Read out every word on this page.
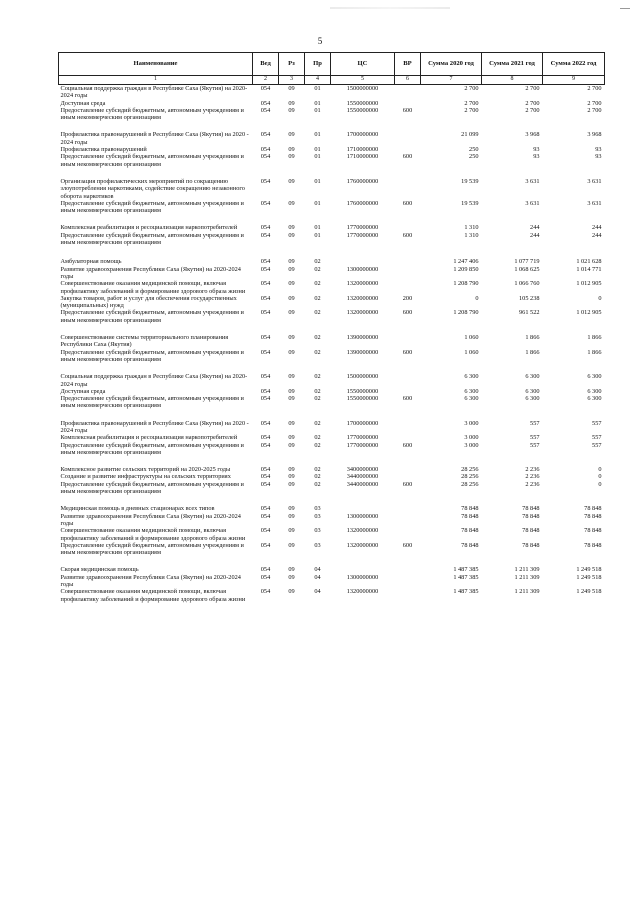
5
Наименование	Вед	Рз	Пр	ЦС	ВР	Сумма 2020 год	Сумма 2021 год	Сумма 2022 год
1	2	3	4	5	6	7	8	9
Социальная поддержка граждан в Республике Саха (Якутия) на 2020-2024 годы	054	09	01	1500000000		2 700	2 700	2 700
Доступная среда	054	09	01	1550000000		2 700	2 700	2 700
Предоставление субсидий бюджетным, автономным учреждениям и иным некоммерческим организациям	054	09	01	1550000000	600	2 700	2 700	2 700

Профилактика правонарушений в Республике Саха (Якутия) на 2020 - 2024 годы	054	09	01	1700000000		21 099	3 968	3 968
Профилактика правонарушений	054	09	01	1710000000		250	93	93
Предоставление субсидий бюджетным, автономным учреждениям и иным некоммерческим организациям	054	09	01	1710000000	600	250	93	93

Организация профилактических мероприятий по сокращению злоупотребления наркотиками, содействие сокращению незаконного оборота наркотиков	054	09	01	1760000000		19 539	3 631	3 631
Предоставление субсидий бюджетным, автономным учреждениям и иным некоммерческим организациям	054	09	01	1760000000	600	19 539	3 631	3 631

Комплексная реабилитация и ресоциализация наркопотребителей	054	09	01	1770000000		1 310	244	244
Предоставление субсидий бюджетным, автономным учреждениям и иным некоммерческим организациям	054	09	01	1770000000	600	1 310	244	244

Амбулаторная помощь	054	09	02			1 247 406	1 077 719	1 021 628
Развитие здравоохранения Республики Саха (Якутия) на 2020-2024 годы	054	09	02	1300000000		1 209 850	1 068 625	1 014 771
Совершенствование оказания медицинской помощи, включая профилактику заболеваний и формирование здорового образа жизни	054	09	02	1320000000		1 208 790	1 066 760	1 012 905
Закупка товаров, работ и услуг для обеспечения государственных (муниципальных) нужд	054	09	02	1320000000	200	0	105 238	0
Предоставление субсидий бюджетным, автономным учреждениям и иным некоммерческим организациям	054	09	02	1320000000	600	1 208 790	961 522	1 012 905

Совершенствование системы территориального планирования Республики Саха (Якутия)	054	09	02	1390000000		1 060	1 866	1 866
Предоставление субсидий бюджетным, автономным учреждениям и иным некоммерческим организациям	054	09	02	1390000000	600	1 060	1 866	1 866

Социальная поддержка граждан в Республике Саха (Якутия) на 2020-2024 годы	054	09	02	1500000000		6 300	6 300	6 300
Доступная среда	054	09	02	1550000000		6 300	6 300	6 300
Предоставление субсидий бюджетным, автономным учреждениям и иным некоммерческим организациям	054	09	02	1550000000	600	6 300	6 300	6 300

Профилактика правонарушений в Республике Саха (Якутия) на 2020 - 2024 годы	054	09	02	1700000000		3 000	557	557
Комплексная реабилитация и ресоциализация наркопотребителей	054	09	02	1770000000		3 000	557	557
Предоставление субсидий бюджетным, автономным учреждениям и иным некоммерческим организациям	054	09	02	1770000000	600	3 000	557	557

Комплексное развитие сельских территорий на 2020-2025 годы	054	09	02	3400000000		28 256	2 236	0
Создание и развитие инфраструктуры на сельских территориях	054	09	02	3440000000		28 256	2 236	0
Предоставление субсидий бюджетным, автономным учреждениям и иным некоммерческим организациям	054	09	02	3440000000	600	28 256	2 236	0

Медицинская помощь в дневных стационарах всех типов	054	09	03			78 848	78 848	78 848
Развитие здравоохранения Республики Саха (Якутия) на 2020-2024 годы	054	09	03	1300000000		78 848	78 848	78 848
Совершенствование оказания медицинской помощи, включая профилактику заболеваний и формирование здорового образа жизни	054	09	03	1320000000		78 848	78 848	78 848
Предоставление субсидий бюджетным, автономным учреждениям и иным некоммерческим организациям	054	09	03	1320000000	600	78 848	78 848	78 848

Скорая медицинская помощь	054	09	04			1 487 385	1 211 309	1 249 518
Развитие здравоохранения Республики Саха (Якутия) на 2020-2024 годы	054	09	04	1300000000		1 487 385	1 211 309	1 249 518
Совершенствование оказания медицинской помощи, включая профилактику заболеваний и формирование здорового образа жизни	054	09	04	1320000000		1 487 385	1 211 309	1 249 518
